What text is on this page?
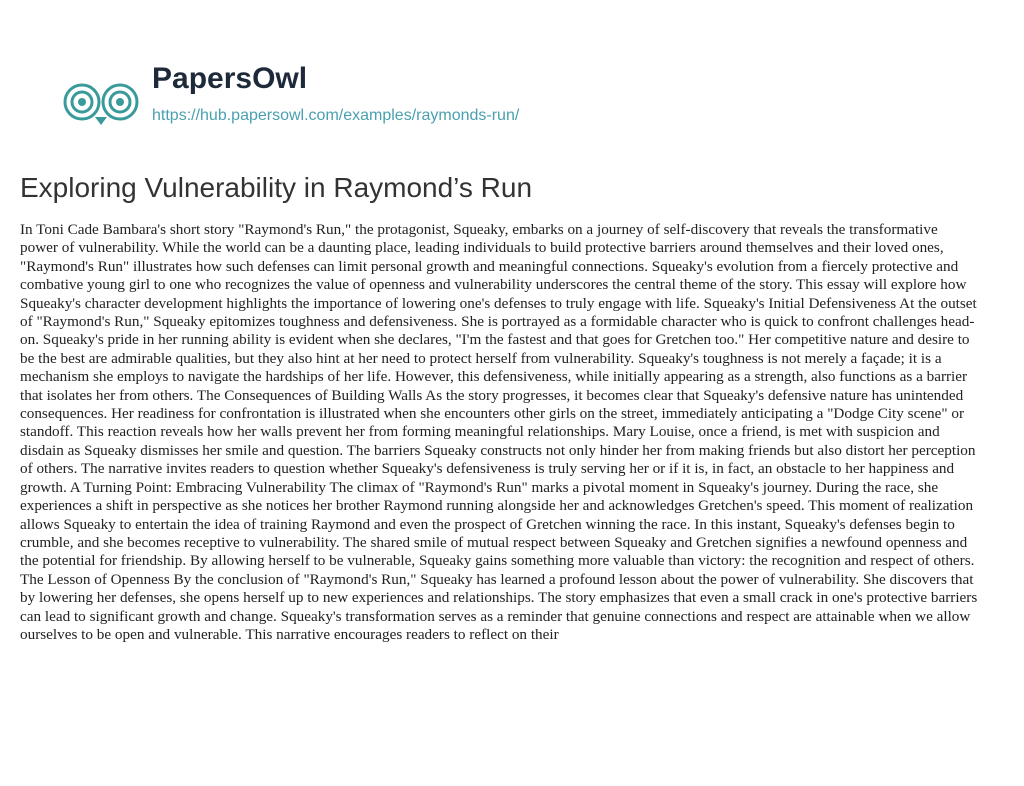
PapersOwl
https://hub.papersowl.com/examples/raymonds-run/
Exploring Vulnerability in Raymond’s Run

In Toni Cade Bambara's short story "Raymond's Run," the protagonist, Squeaky, embarks on a journey of self-discovery that reveals the transformative power of vulnerability. While the world can be a daunting place, leading individuals to build protective barriers around themselves and their loved ones, "Raymond's Run" illustrates how such defenses can limit personal growth and meaningful connections. Squeaky's evolution from a fiercely protective and combative young girl to one who recognizes the value of openness and vulnerability underscores the central theme of the story. This essay will explore how Squeaky's character development highlights the importance of lowering one's defenses to truly engage with life. Squeaky's Initial Defensiveness At the outset of "Raymond's Run," Squeaky epitomizes toughness and defensiveness. She is portrayed as a formidable character who is quick to confront challenges head-on. Squeaky's pride in her running ability is evident when she declares, "I'm the fastest and that goes for Gretchen too." Her competitive nature and desire to be the best are admirable qualities, but they also hint at her need to protect herself from vulnerability. Squeaky's toughness is not merely a façade; it is a mechanism she employs to navigate the hardships of her life. However, this defensiveness, while initially appearing as a strength, also functions as a barrier that isolates her from others. The Consequences of Building Walls As the story progresses, it becomes clear that Squeaky's defensive nature has unintended consequences. Her readiness for confrontation is illustrated when she encounters other girls on the street, immediately anticipating a "Dodge City scene" or standoff. This reaction reveals how her walls prevent her from forming meaningful relationships. Mary Louise, once a friend, is met with suspicion and disdain as Squeaky dismisses her smile and question. The barriers Squeaky constructs not only hinder her from making friends but also distort her perception of others. The narrative invites readers to question whether Squeaky's defensiveness is truly serving her or if it is, in fact, an obstacle to her happiness and growth. A Turning Point: Embracing Vulnerability The climax of "Raymond's Run" marks a pivotal moment in Squeaky's journey. During the race, she experiences a shift in perspective as she notices her brother Raymond running alongside her and acknowledges Gretchen's speed. This moment of realization allows Squeaky to entertain the idea of training Raymond and even the prospect of Gretchen winning the race. In this instant, Squeaky's defenses begin to crumble, and she becomes receptive to vulnerability. The shared smile of mutual respect between Squeaky and Gretchen signifies a newfound openness and the potential for friendship. By allowing herself to be vulnerable, Squeaky gains something more valuable than victory: the recognition and respect of others. The Lesson of Openness By the conclusion of "Raymond's Run," Squeaky has learned a profound lesson about the power of vulnerability. She discovers that by lowering her defenses, she opens herself up to new experiences and relationships. The story emphasizes that even a small crack in one's protective barriers can lead to significant growth and change. Squeaky's transformation serves as a reminder that genuine connections and respect are attainable when we allow ourselves to be open and vulnerable. This narrative encourages readers to reflect on their
